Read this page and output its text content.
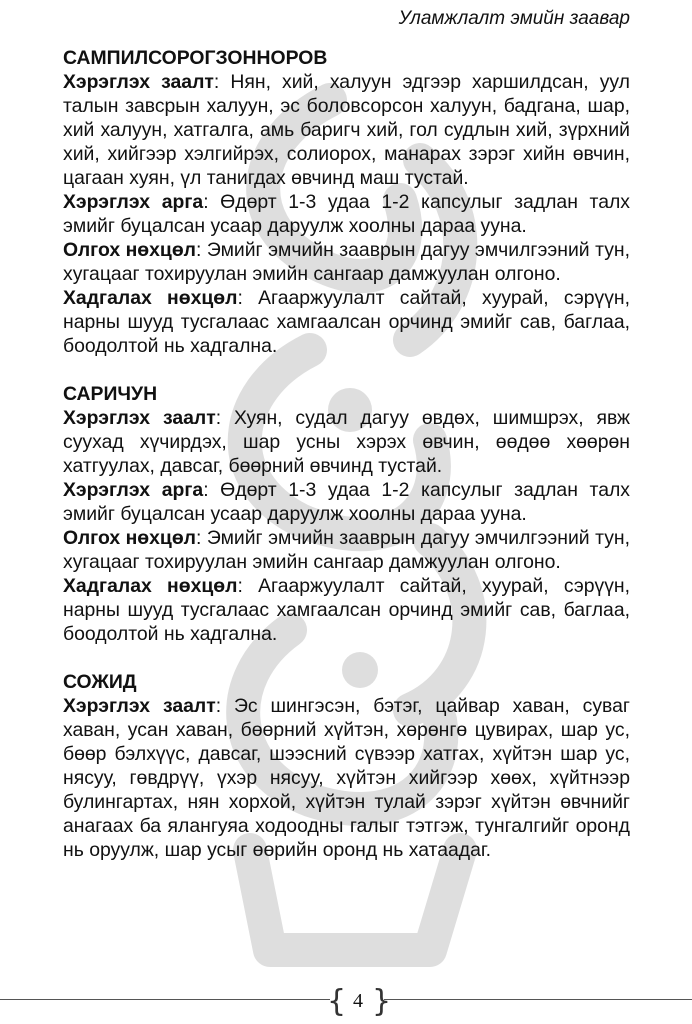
Уламжлалт эмийн заавар
САМПИЛСОРОГЗОННОРОВ

Хэрэглэх заалт: Нян, хий, халуун эдгээр харшилдсан, уул талын завсрын халуун, эс боловсорсон халуун, бадгана, шар, хий халуун, хатгалга, амь баригч хий, гол судлын хий, зүрхний хий, хийгээр хэлгийрэх, солиорох, манарах зэрэг хийн өвчин, цагаан хуян, үл танигдах өвчинд маш тустай.

Хэрэглэх арга: Өдөрт 1-3 удаа 1-2 капсулыг задлан талх эмийг буцалсан усаар даруулж хоолны дараа ууна.

Олгох нөхцөл: Эмийг эмчийн зааврын дагуу эмчилгээний тун, хугацааг тохируулан эмийн сангаар дамжуулан олгоно.

Хадгалах нөхцөл: Агааржуулалт сайтай, хуурай, сэрүүн, нарны шууд тусгалаас хамгаалсан орчинд эмийг сав, баглаа, боодолтой нь хадгална.

САРИЧУН

Хэрэглэх заалт: Хуян, судал дагуу өвдөх, шимшрэх, явж суухад хүчирдэх, шар усны хэрэх өвчин, өөдөө хөөрөн хатгуулах, давсаг, бөөрний өвчинд тустай.

Хэрэглэх арга: Өдөрт 1-3 удаа 1-2 капсулыг задлан талх эмийг буцалсан усаар даруулж хоолны дараа ууна.

Олгох нөхцөл: Эмийг эмчийн зааврын дагуу эмчилгээний тун, хугацааг тохируулан эмийн сангаар дамжуулан олгоно.

Хадгалах нөхцөл: Агааржуулалт сайтай, хуурай, сэрүүн, нарны шууд тусгалаас хамгаалсан орчинд эмийг сав, баглаа, боодолтой нь хадгална.

СОЖИД

Хэрэглэх заалт: Эс шингэсэн, бэтэг, цайвар хаван, суваг хаван, усан хаван, бөөрний хүйтэн, хөрөнгө цувирах, шар ус, бөөр бэлхүүс, давсаг, шээсний сүвээр хатгах, хүйтэн шар ус, нясуу, гөвдрүү, үхэр нясуу, хүйтэн хийгээр хөөх, хүйтнээр булингартах, нян хорхой, хүйтэн тулай зэрэг хүйтэн өвчнийг анагаах ба ялангуяа ходоодны галыг тэтгэж, тунгалгийг оронд нь оруулж, шар усыг өөрийн оронд нь хатаадаг.

{ }
4
